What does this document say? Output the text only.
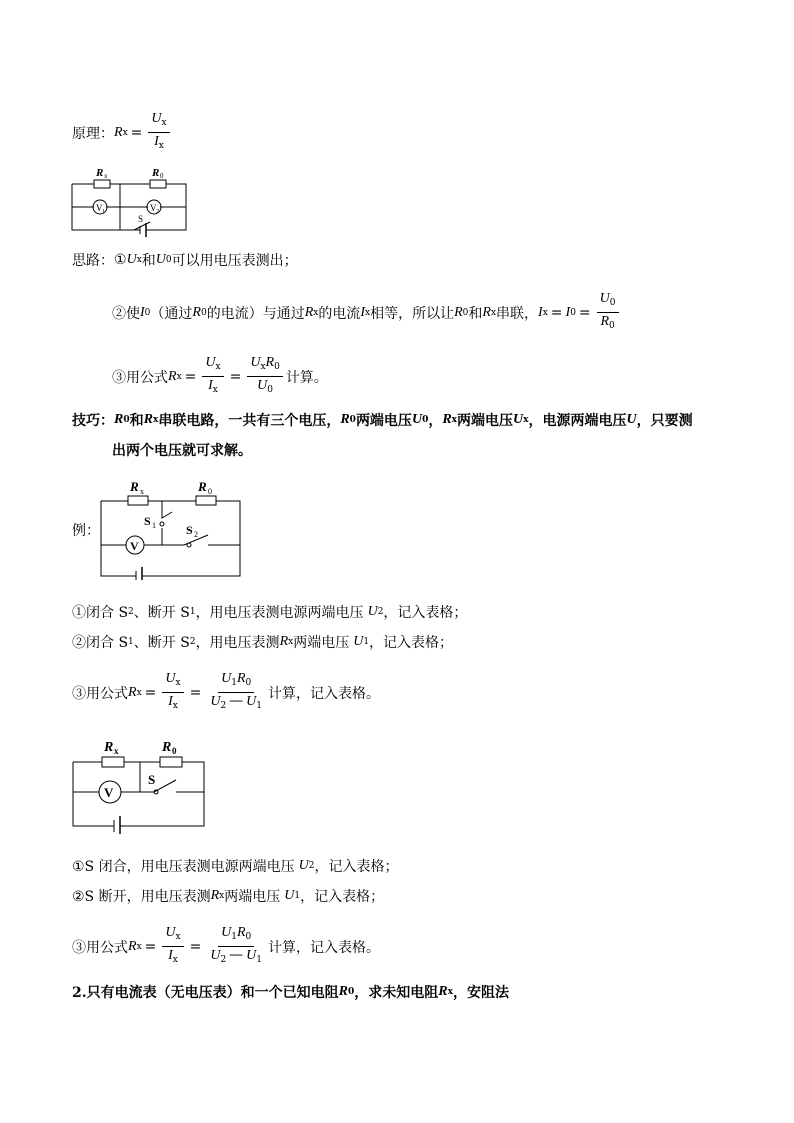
原理： R $x = \frac{U_x}{I_x}$
R x	R 0
V 1	V 2
S
思路： ① U x 和 U 0 可以用电压表测出；
②使 I 0 （通过 R 0 的电流）与通过 R x 的电流 I x 相等，所以让 R 0 和 R x 串联， I x = I $0 = \frac{U_0}{R_0}$
③用公式 R $x = \frac{U_x}{I_x} = \frac{U_xR_0}{U_0}$ 计算。
技巧： R 0 和 R x 串联电路，一共有三个电压， R 0 两端电压 U 0 ， R x 两端电压 U x ，电源两端电压 U ，只要测
出两个电压就可求解。
例：
R x	R 0
S 1	S 2
V
①闭合 S 2 、断开 S 1 ，用电压表测电源两端电压 U 2 ，记入表格；
②闭合 S 1 、断开 S 2 ，用电压表测 R x 两端电压 U 1 ，记入表格；
③用公式 R $x = \frac{U_x}{I_x} = \frac{U_1R_0}{U_2 — U_1}$ 计算，记入表格。
R x	R 0
V
S
①S 闭合，用电压表测电源两端电压 U 2 ，记入表格；
②S 断开，用电压表测 R x 两端电压 U 1 ，记入表格；
③用公式 R $x = \frac{U_x}{I_x} = \frac{U_1R_0}{U_2 — U_1}$ 计算，记入表格。
2.只有电流表（无电压表）和一个已知电阻 R 0 ，求未知电阻 R x ，安阻法
